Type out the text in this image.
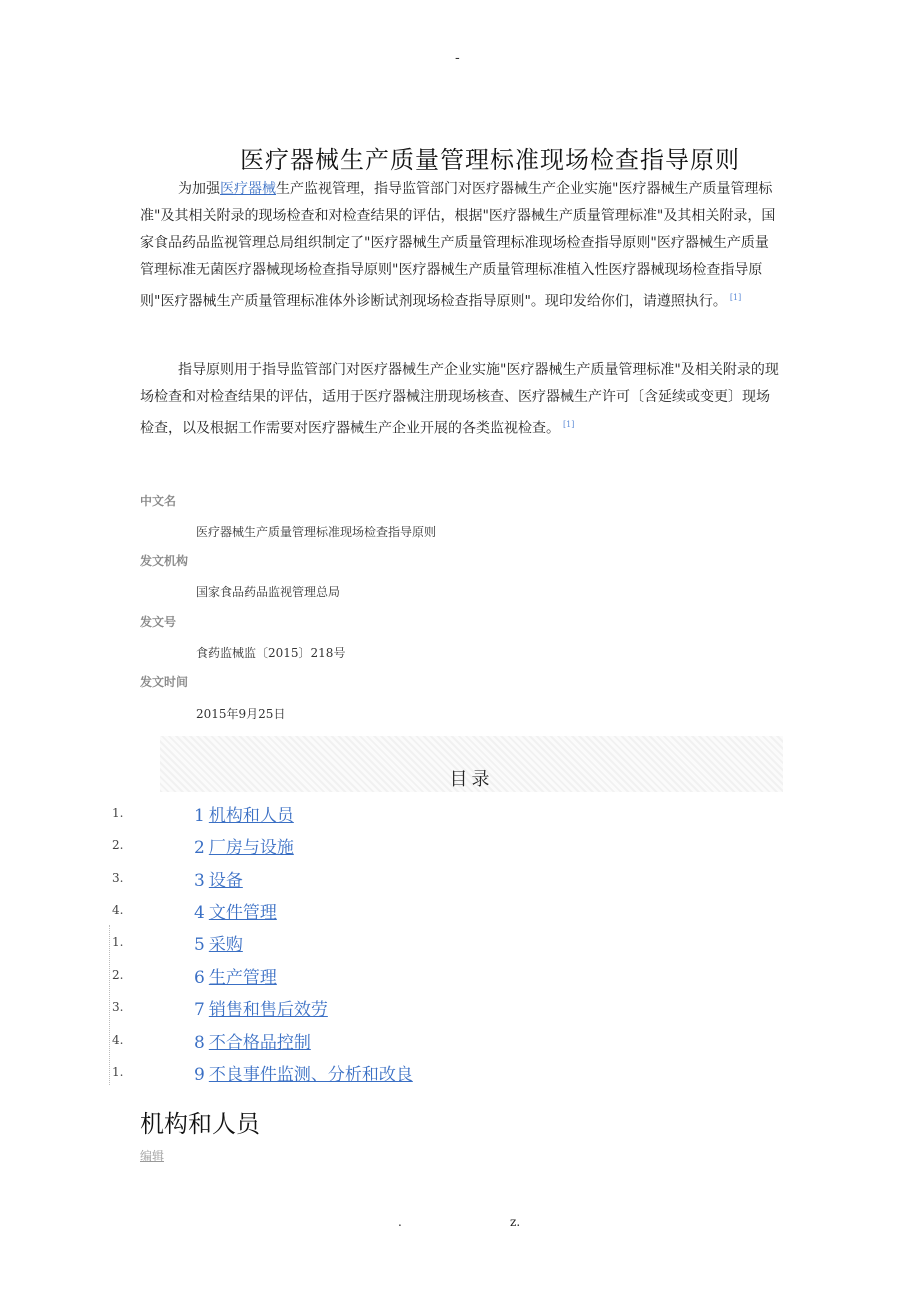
-
医疗器械生产质量管理标准现场检查指导原则
为加强医疗器械生产监视管理，指导监管部门对医疗器械生产企业实施"医疗器械生产质量管理标准"及其相关附录的现场检查和对检查结果的评估，根据"医疗器械生产质量管理标准"及其相关附录，国家食品药品监视管理总局组织制定了"医疗器械生产质量管理标准现场检查指导原则"医疗器械生产质量管理标准无菌医疗器械现场检查指导原则"医疗器械生产质量管理标准植入性医疗器械现场检查指导原则"医疗器械生产质量管理标准体外诊断试剂现场检查指导原则"。现印发给你们，请遵照执行。 [1]
指导原则用于指导监管部门对医疗器械生产企业实施"医疗器械生产质量管理标准"及相关附录的现场检查和对检查结果的评估，适用于医疗器械注册现场核查、医疗器械生产许可〔含延续或变更〕现场检查，以及根据工作需要对医疗器械生产企业开展的各类监视检查。 [1]
中文名
医疗器械生产质量管理标准现场检查指导原则
发文机构
国家食品药品监视管理总局
发文号
食药监械监〔2015〕218号
发文时间
2015年9月25日
目录
1.	1 机构和人员
2.	2 厂房与设施
3.	3 设备
4.	4 文件管理
1.	5 采购
2.	6 生产管理
3.	7 销售和售后效劳
4.	8 不合格品控制
1.	9 不良事件监测、分析和改良
机构和人员
编辑
.	z.
